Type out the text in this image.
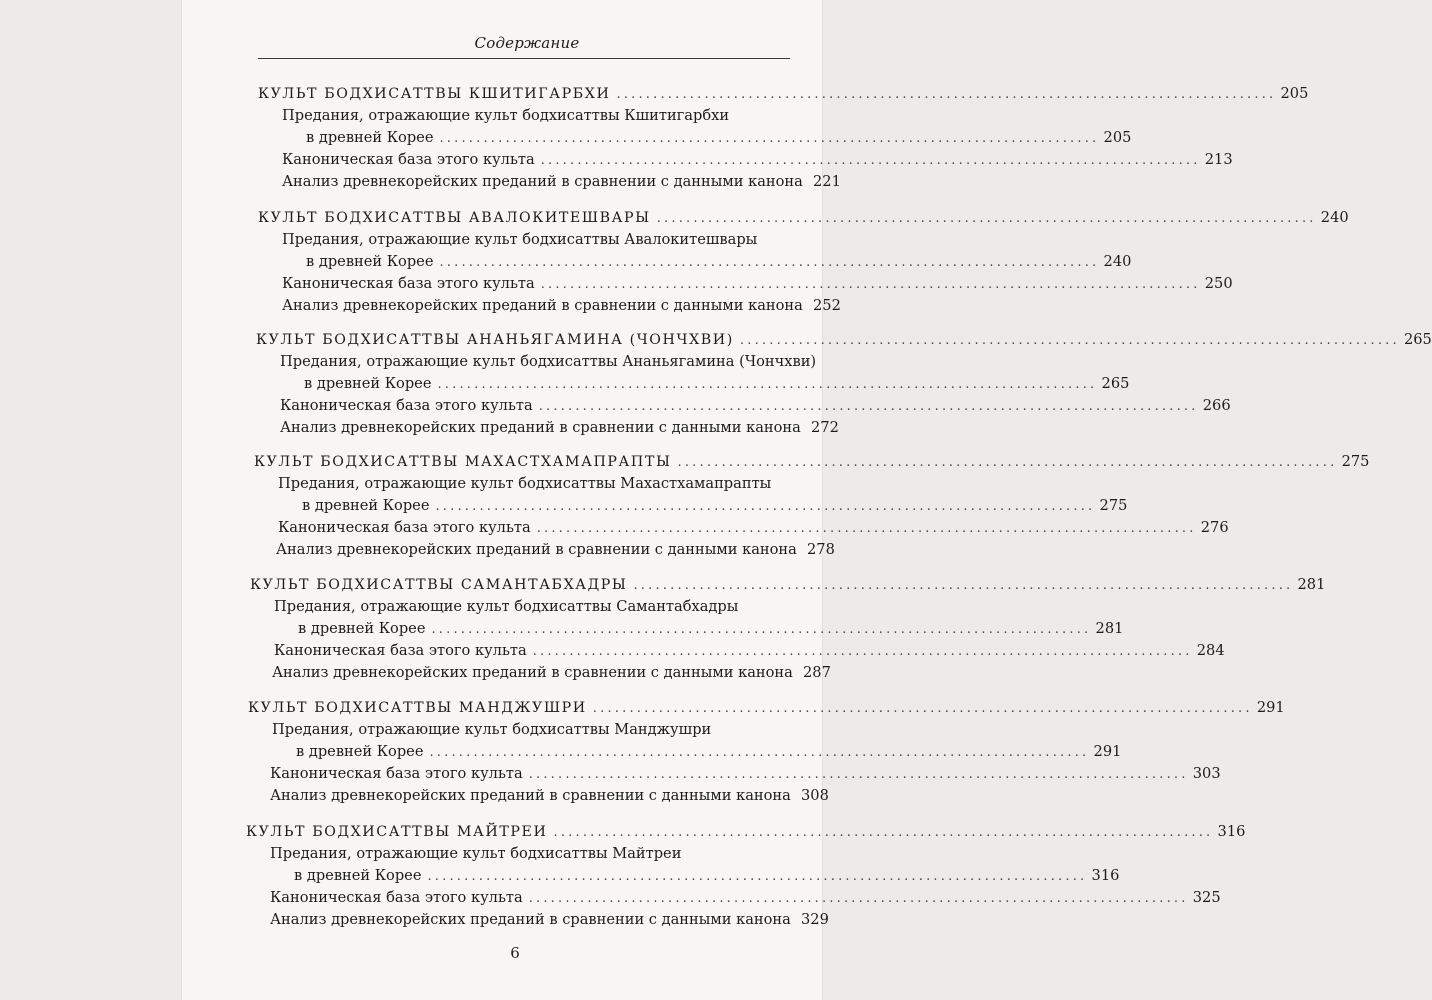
Содержание
КУЛЬТ БОДХИСАТТВЫ КШИТИГАРБХИ .......................................................................................... 205
Предания, отражающие культ бодхисаттвы Кшитигарбхи
в древней Корее .......................................................................................... 205
Каноническая база этого культа .......................................................................................... 213
Анализ древнекорейских преданий в сравнении с данными канона 221
КУЛЬТ БОДХИСАТТВЫ АВАЛОКИТЕШВАРЫ .......................................................................................... 240
Предания, отражающие культ бодхисаттвы Авалокитешвары
в древней Корее .......................................................................................... 240
Каноническая база этого культа .......................................................................................... 250
Анализ древнекорейских преданий в сравнении с данными канона 252
КУЛЬТ БОДХИСАТТВЫ АНАНЬЯГАМИНА (ЧОНЧХВИ) .......................................................................................... 265
Предания, отражающие культ бодхисаттвы Ананьягамина (Чончхви)
в древней Корее .......................................................................................... 265
Каноническая база этого культа .......................................................................................... 266
Анализ древнекорейских преданий в сравнении с данными канона 272
КУЛЬТ БОДХИСАТТВЫ МАХАСТХАМАПРАПТЫ .......................................................................................... 275
Предания, отражающие культ бодхисаттвы Махастхамапрапты
в древней Корее .......................................................................................... 275
Каноническая база этого культа .......................................................................................... 276
Анализ древнекорейских преданий в сравнении с данными канона 278
КУЛЬТ БОДХИСАТТВЫ САМАНТАБХАДРЫ .......................................................................................... 281
Предания, отражающие культ бодхисаттвы Самантабхадры
в древней Корее .......................................................................................... 281
Каноническая база этого культа .......................................................................................... 284
Анализ древнекорейских преданий в сравнении с данными канона 287
КУЛЬТ БОДХИСАТТВЫ МАНДЖУШРИ .......................................................................................... 291
Предания, отражающие культ бодхисаттвы Манджушри
в древней Корее .......................................................................................... 291
Каноническая база этого культа .......................................................................................... 303
Анализ древнекорейских преданий в сравнении с данными канона 308
КУЛЬТ БОДХИСАТТВЫ МАЙТРЕИ .......................................................................................... 316
Предания, отражающие культ бодхисаттвы Майтреи
в древней Корее .......................................................................................... 316
Каноническая база этого культа .......................................................................................... 325
Анализ древнекорейских преданий в сравнении с данными канона 329
6
